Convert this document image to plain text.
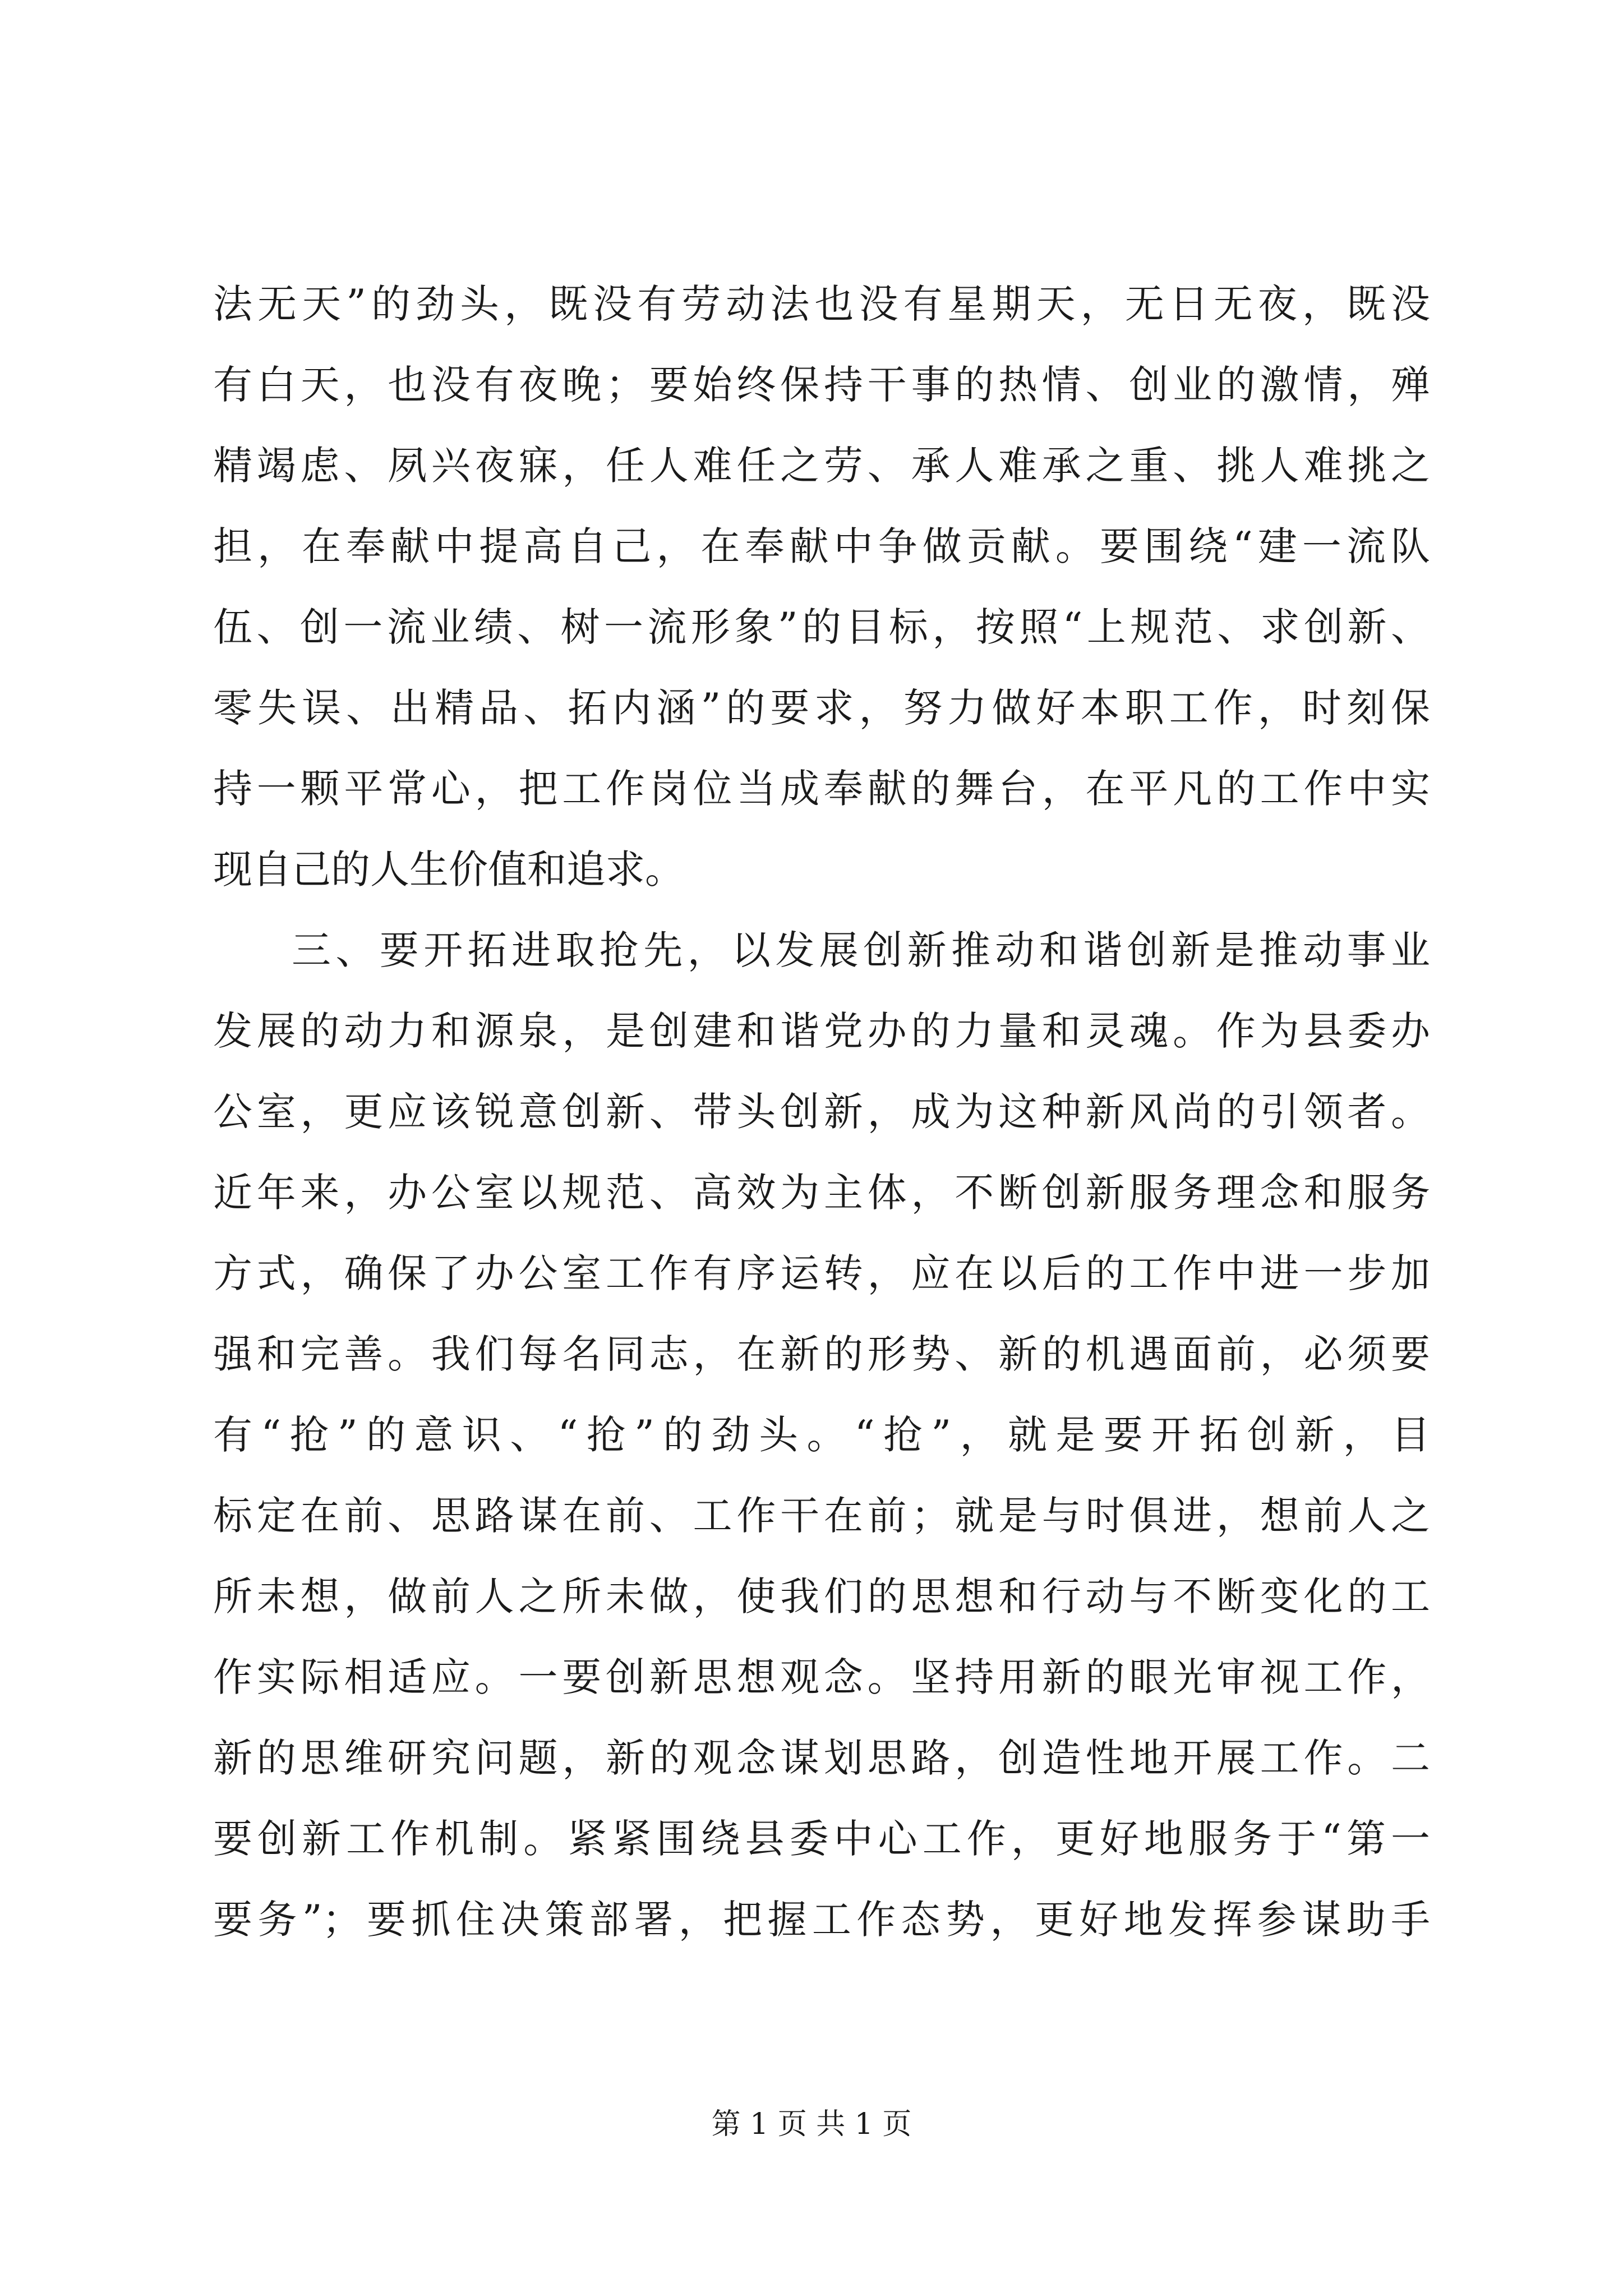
法无天”的劲头，既没有劳动法也没有星期天，无日无夜，既没
有白天，也没有夜晚；要始终保持干事的热情、创业的激情，殚
精竭虑、夙兴夜寐，任人难任之劳、承人难承之重、挑人难挑之
担，在奉献中提高自己，在奉献中争做贡献。要围绕“建一流队
伍、创一流业绩、树一流形象”的目标，按照“上规范、求创新、
零失误、出精品、拓内涵”的要求，努力做好本职工作，时刻保
持一颗平常心，把工作岗位当成奉献的舞台，在平凡的工作中实
现自己的人生价值和追求。
三、要开拓进取抢先，以发展创新推动和谐创新是推动事业
发展的动力和源泉，是创建和谐党办的力量和灵魂。作为县委办
公室，更应该锐意创新、带头创新，成为这种新风尚的引领者。
近年来，办公室以规范、高效为主体，不断创新服务理念和服务
方式，确保了办公室工作有序运转，应在以后的工作中进一步加
强和完善。我们每名同志，在新的形势、新的机遇面前，必须要
有“抢”的意识、“抢”的劲头。“抢”，就是要开拓创新，目
标定在前、思路谋在前、工作干在前；就是与时俱进，想前人之
所未想，做前人之所未做，使我们的思想和行动与不断变化的工
作实际相适应。一要创新思想观念。坚持用新的眼光审视工作，
新的思维研究问题，新的观念谋划思路，创造性地开展工作。二
要创新工作机制。紧紧围绕县委中心工作，更好地服务于“第一
要务”；要抓住决策部署，把握工作态势，更好地发挥参谋助手
第 1 页 共 1 页
